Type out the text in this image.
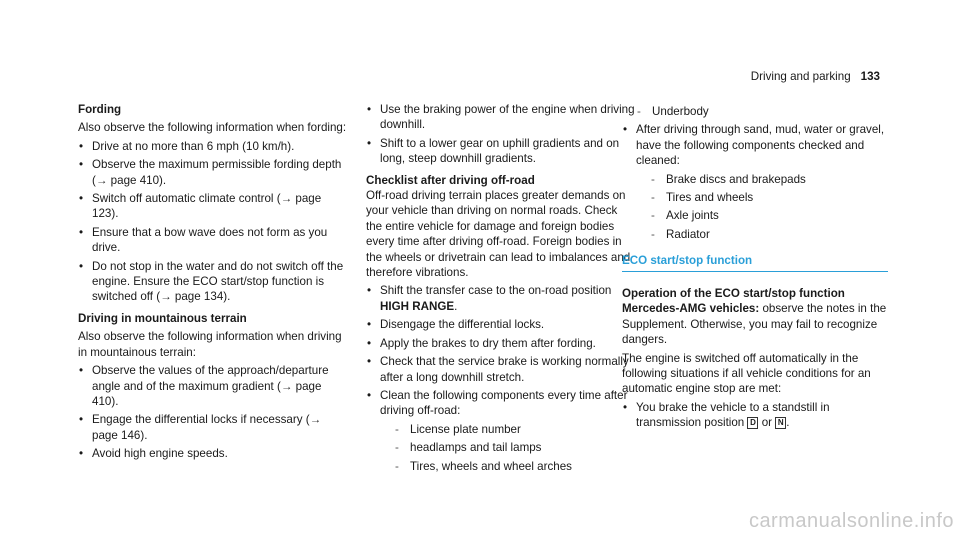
Driving and parking 133

Fording

Also observe the following information when fording:

• Drive at no more than 6 mph (10 km/h).
• Observe the maximum permissible fording depth (→ page 410).
• Switch off automatic climate control (→ page 123).
• Ensure that a bow wave does not form as you drive.
• Do not stop in the water and do not switch off the engine. Ensure the ECO start/stop function is switched off (→ page 134).

Driving in mountainous terrain

Also observe the following information when driving in mountainous terrain:

• Observe the values of the approach/departure angle and of the maximum gradient (→ page 410).
• Engage the differential locks if necessary (→ page 146).
• Avoid high engine speeds.
• Use the braking power of the engine when driving downhill.
• Shift to a lower gear on uphill gradients and on long, steep downhill gradients.

Checklist after driving off-road

Off-road driving terrain places greater demands on your vehicle than driving on normal roads. Check the entire vehicle for damage and foreign bodies every time after driving off-road. Foreign bodies in the wheels or drivetrain can lead to imbalances and therefore vibrations.

• Shift the transfer case to the on-road position HIGH RANGE.
• Disengage the differential locks.
• Apply the brakes to dry them after fording.
• Check that the service brake is working normally after a long downhill stretch.
• Clean the following components every time after driving off-road:
- License plate number
- headlamps and tail lamps
- Tires, wheels and wheel arches
- Underbody
• After driving through sand, mud, water or gravel, have the following components checked and cleaned:
- Brake discs and brakepads
- Tires and wheels
- Axle joints
- Radiator
ECO start/stop function

Operation of the ECO start/stop function

Mercedes-AMG vehicles: observe the notes in the Supplement. Otherwise, you may fail to recognize dangers.

The engine is switched off automatically in the following situations if all vehicle conditions for an automatic engine stop are met:

• You brake the vehicle to a standstill in transmission position D or N .
carmanualsonline.info
